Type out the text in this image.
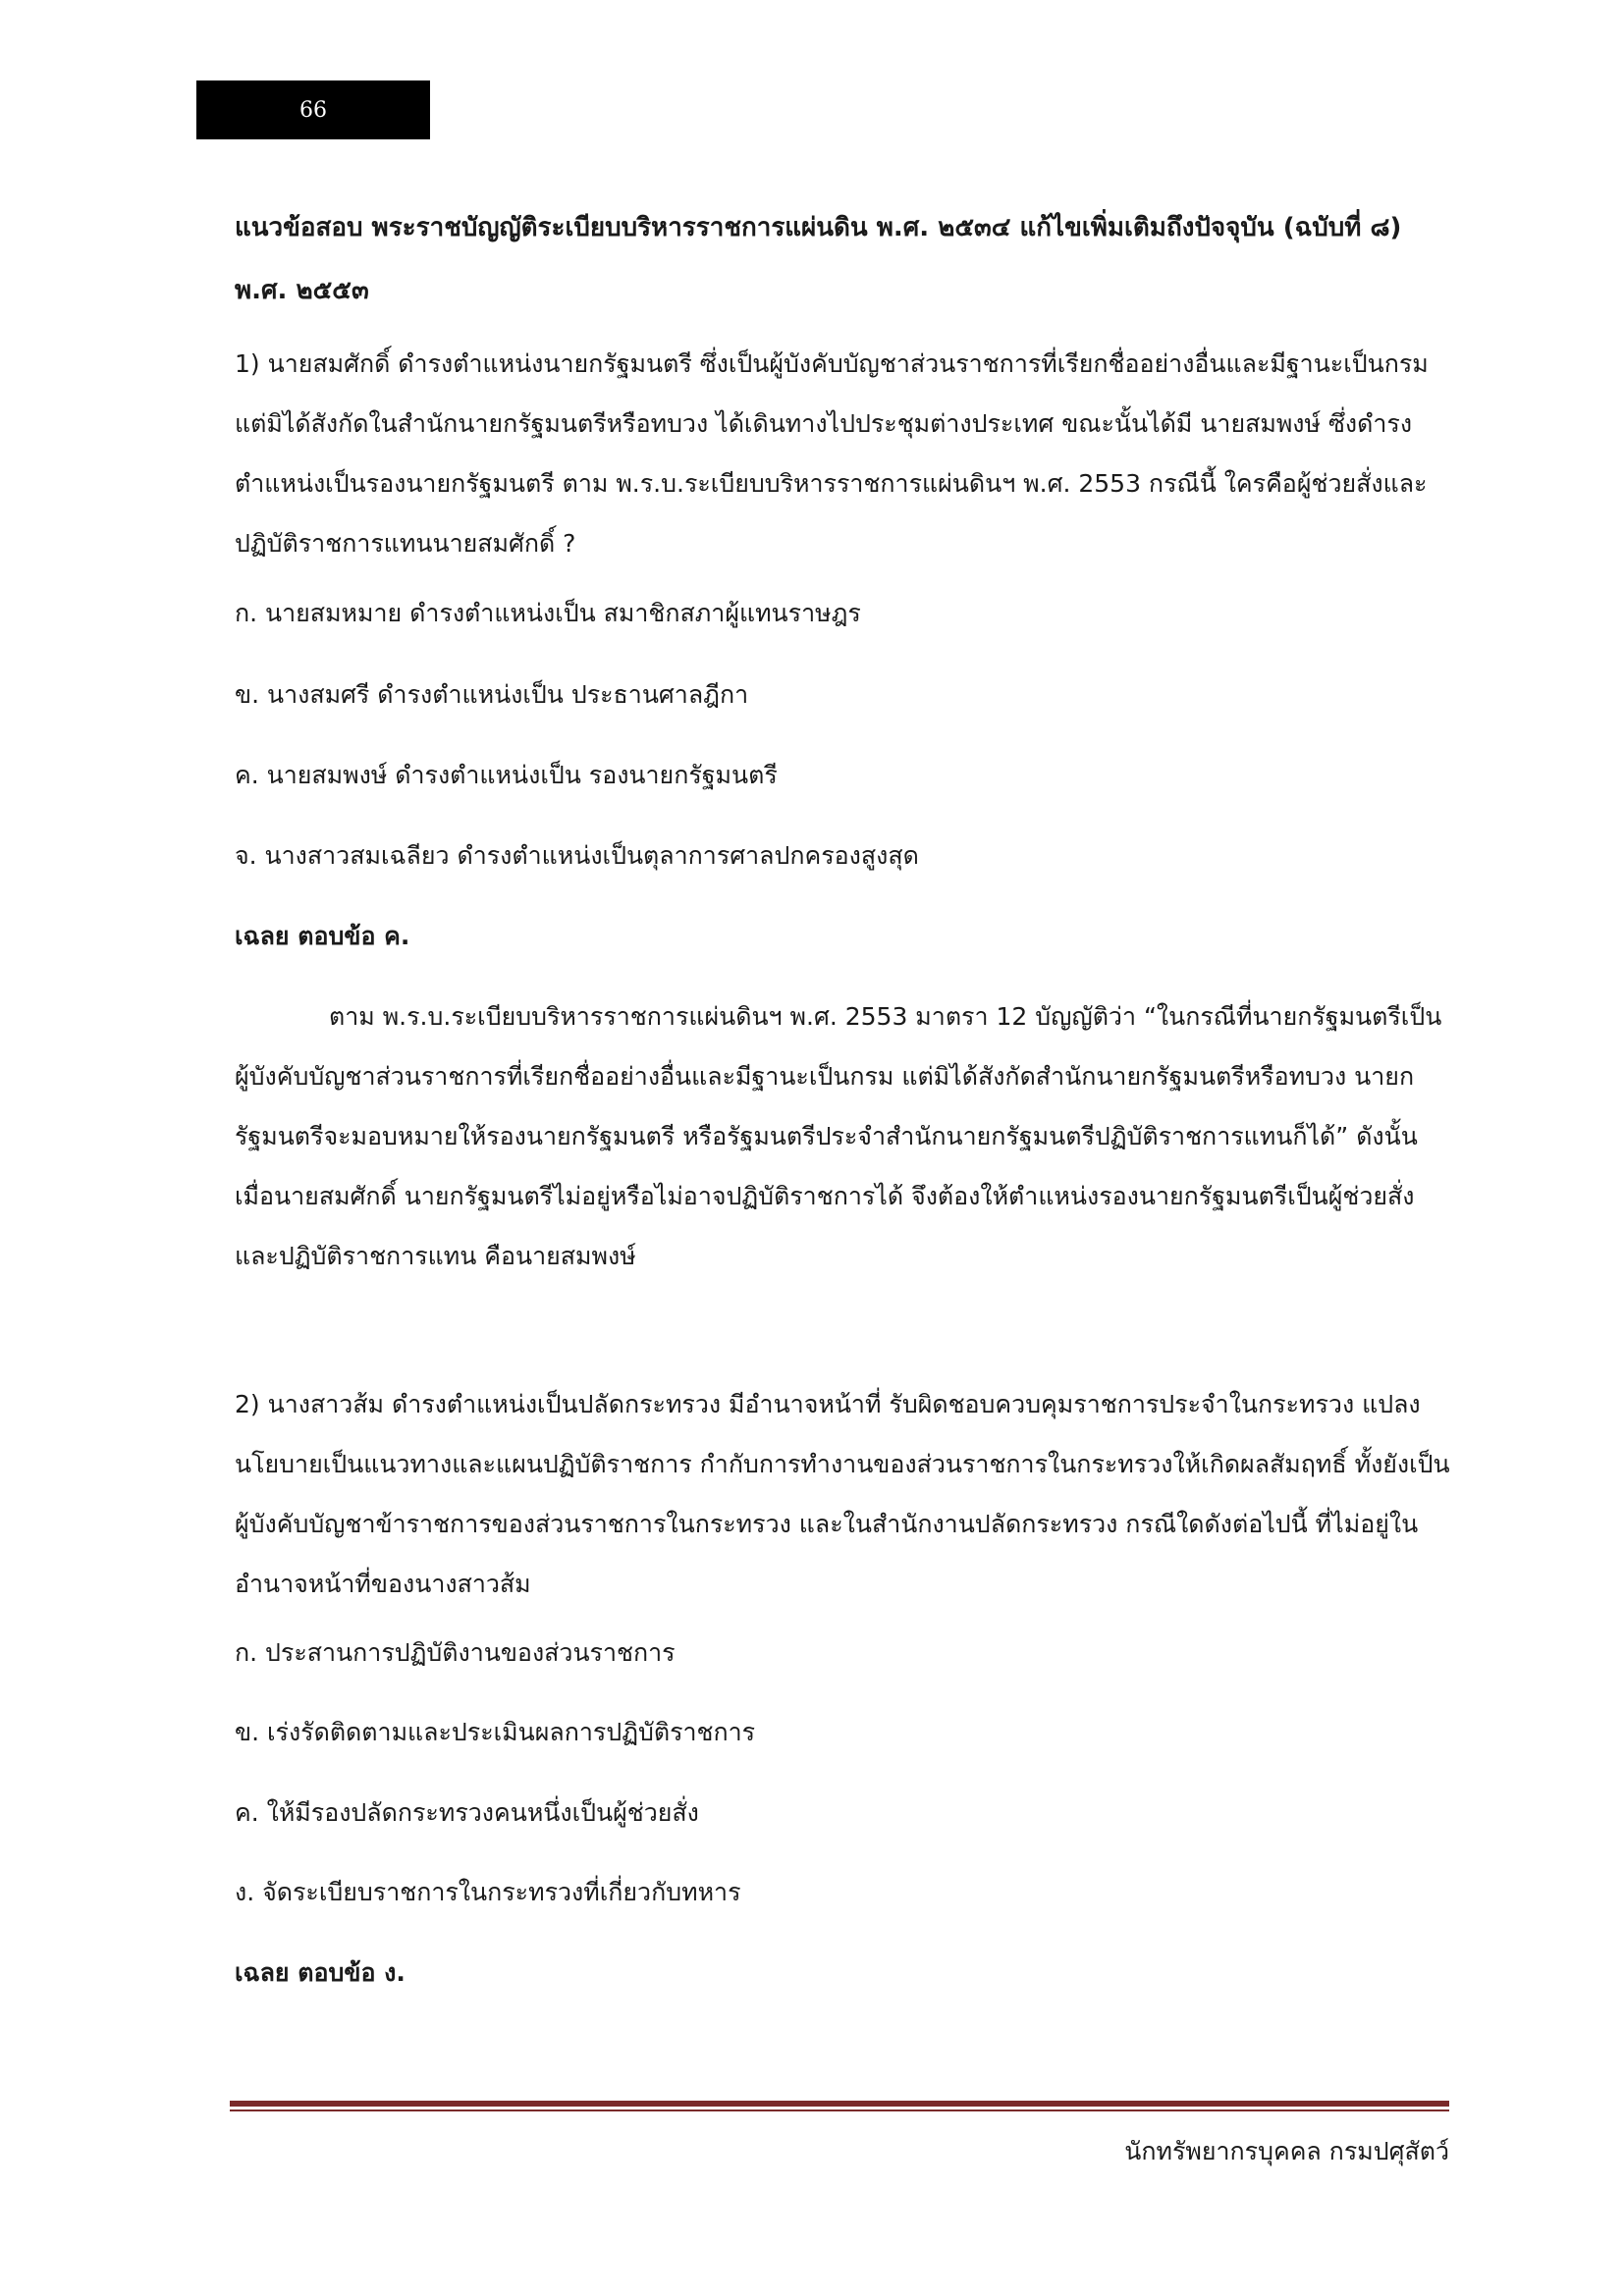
66
แนวข้อสอบ พระราชบัญญัติระเบียบบริหารราชการแผ่นดิน พ.ศ. ๒๕๓๔ แก้ไขเพิ่มเติมถึงปัจจุบัน (ฉบับที่ ๘) พ.ศ. ๒๕๕๓

1) นายสมศักดิ์ ดำรงตำแหน่งนายกรัฐมนตรี ซึ่งเป็นผู้บังคับบัญชาส่วนราชการที่เรียกชื่ออย่างอื่นและมีฐานะเป็นกรม แต่มิได้สังกัดในสำนักนายกรัฐมนตรีหรือทบวง ได้เดินทางไปประชุมต่างประเทศ ขณะนั้นได้มี นายสมพงษ์ ซึ่งดำรงตำแหน่งเป็นรองนายกรัฐมนตรี ตาม พ.ร.บ.ระเบียบบริหารราชการแผ่นดินฯ พ.ศ. 2553 กรณีนี้ ใครคือผู้ช่วยสั่งและปฏิบัติราชการแทนนายสมศักดิ์ ?

ก. นายสมหมาย ดำรงตำแหน่งเป็น สมาชิกสภาผู้แทนราษฎร
ข. นางสมศรี ดำรงตำแหน่งเป็น ประธานศาลฎีกา
ค. นายสมพงษ์ ดำรงตำแหน่งเป็น รองนายกรัฐมนตรี
จ. นางสาวสมเฉลียว ดำรงตำแหน่งเป็นตุลาการศาลปกครองสูงสุด
เฉลย ตอบข้อ ค.
ตาม พ.ร.บ.ระเบียบบริหารราชการแผ่นดินฯ พ.ศ. 2553 มาตรา 12 บัญญัติว่า “ในกรณีที่นายกรัฐมนตรีเป็นผู้บังคับบัญชาส่วนราชการที่เรียกชื่ออย่างอื่นและมีฐานะเป็นกรม แต่มิได้สังกัดสำนักนายกรัฐมนตรีหรือทบวง นายกรัฐมนตรีจะมอบหมายให้รองนายกรัฐมนตรี หรือรัฐมนตรีประจำสำนักนายกรัฐมนตรีปฏิบัติราชการแทนก็ได้” ดังนั้น เมื่อนายสมศักดิ์ นายกรัฐมนตรีไม่อยู่หรือไม่อาจปฏิบัติราชการได้ จึงต้องให้ตำแหน่งรองนายกรัฐมนตรีเป็นผู้ช่วยสั่งและปฏิบัติราชการแทน คือนายสมพงษ์

2) นางสาวส้ม ดำรงตำแหน่งเป็นปลัดกระทรวง มีอำนาจหน้าที่ รับผิดชอบควบคุมราชการประจำในกระทรวง แปลงนโยบายเป็นแนวทางและแผนปฏิบัติราชการ กำกับการทำงานของส่วนราชการในกระทรวงให้เกิดผลสัมฤทธิ์ ทั้งยังเป็นผู้บังคับบัญชาข้าราชการของส่วนราชการในกระทรวง และในสำนักงานปลัดกระทรวง กรณีใดดังต่อไปนี้ ที่ไม่อยู่ในอำนาจหน้าที่ของนางสาวส้ม

ก. ประสานการปฏิบัติงานของส่วนราชการ
ข. เร่งรัดติดตามและประเมินผลการปฏิบัติราชการ
ค. ให้มีรองปลัดกระทรวงคนหนึ่งเป็นผู้ช่วยสั่ง
ง. จัดระเบียบราชการในกระทรวงที่เกี่ยวกับทหาร
เฉลย ตอบข้อ ง.
นักทรัพยากรบุคคล กรมปศุสัตว์
